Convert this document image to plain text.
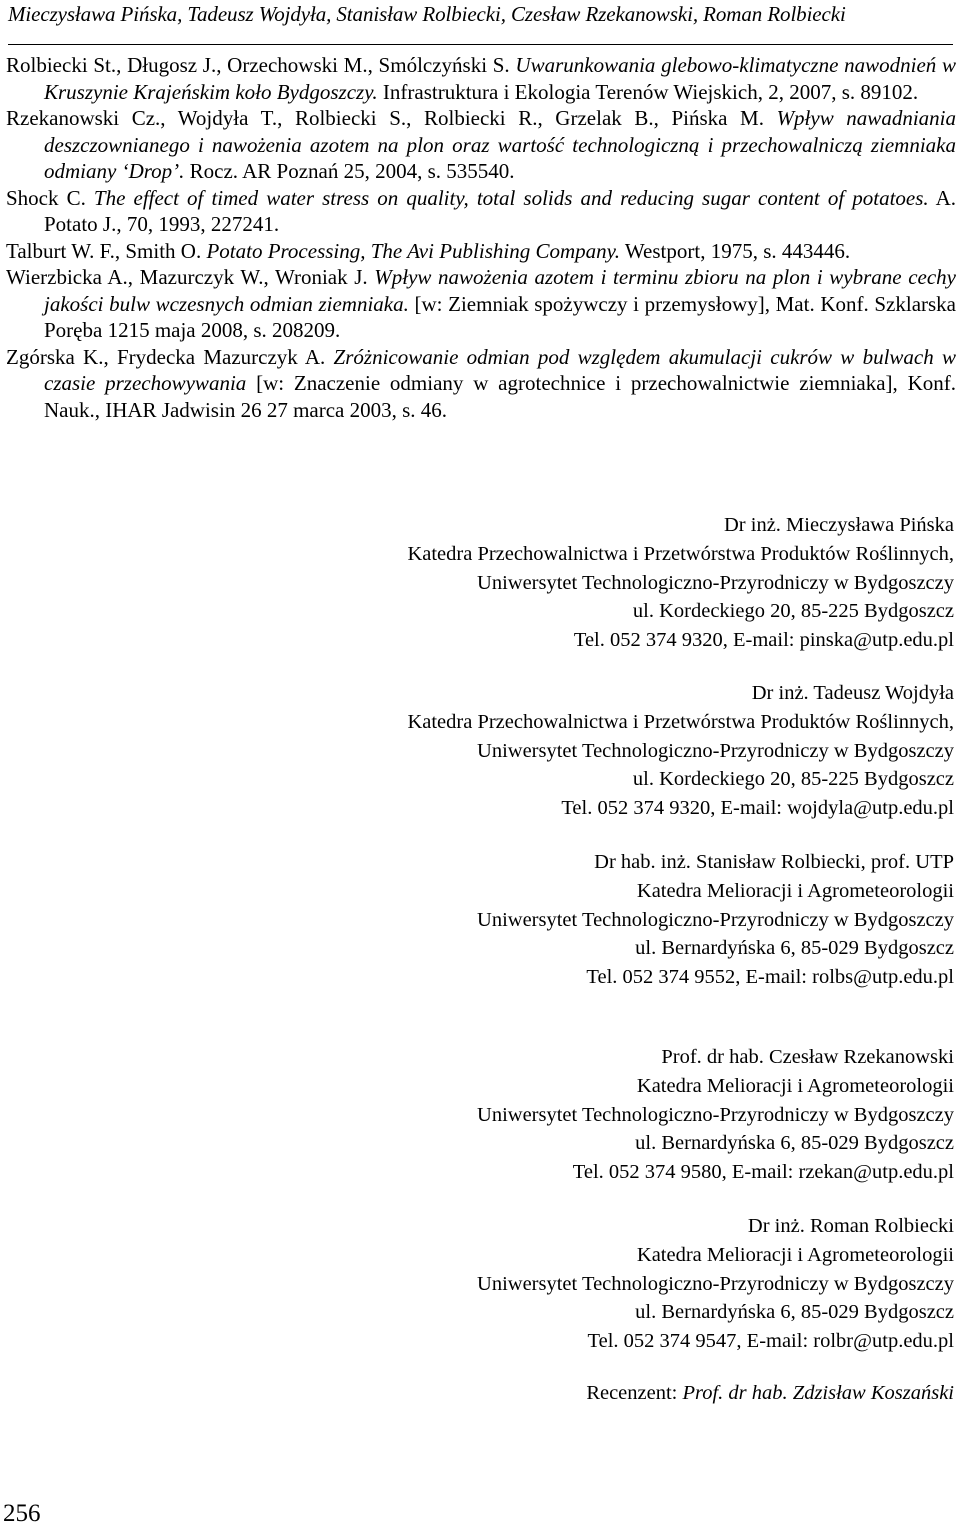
Mieczysława Pińska, Tadeusz Wojdyła, Stanisław Rolbiecki, Czesław Rzekanowski, Roman Rolbiecki

Rolbiecki St., Długosz J., Orzechowski M., Smólczyński S. Uwarunkowania glebowo-klimatyczne nawodnień w Kruszynie Krajeńskim koło Bydgoszczy. Infrastruktura i Ekologia Terenów Wiejskich, 2, 2007, s. 89102.

Rzekanowski Cz., Wojdyła T., Rolbiecki S., Rolbiecki R., Grzelak B., Pińska M. Wpływ nawadniania deszczownianego i nawożenia azotem na plon oraz wartość technologiczną i przechowalniczą ziemniaka odmiany ‘Drop’. Rocz. AR Poznań 25, 2004, s. 535540.

Shock C. The effect of timed water stress on quality, total solids and reducing sugar content of potatoes. A. Potato J., 70, 1993, 227241.

Talburt W. F., Smith O. Potato Processing, The Avi Publishing Company. Westport, 1975, s. 443446.

Wierzbicka A., Mazurczyk W., Wroniak J. Wpływ nawożenia azotem i terminu zbioru na plon i wybrane cechy jakości bulw wczesnych odmian ziemniaka. [w: Ziemniak spożywczy i przemysłowy], Mat. Konf. Szklarska Poręba 1215 maja 2008, s. 208209.

Zgórska K., Frydecka Mazurczyk A. Zróżnicowanie odmian pod względem akumulacji cukrów w bulwach w czasie przechowywania [w: Znaczenie odmiany w agrotechnice i przechowalnictwie ziemniaka], Konf. Nauk., IHAR Jadwisin 26 27 marca 2003, s. 46.

Dr inż. Mieczysława Pińska
Katedra Przechowalnictwa i Przetwórstwa Produktów Roślinnych,
Uniwersytet Technologiczno-Przyrodniczy w Bydgoszczy
ul. Kordeckiego 20, 85-225 Bydgoszcz
Tel. 052 374 9320, E-mail: pinska@utp.edu.pl
Dr inż. Tadeusz Wojdyła
Katedra Przechowalnictwa i Przetwórstwa Produktów Roślinnych,
Uniwersytet Technologiczno-Przyrodniczy w Bydgoszczy
ul. Kordeckiego 20, 85-225 Bydgoszcz
Tel. 052 374 9320, E-mail: wojdyla@utp.edu.pl
Dr hab. inż. Stanisław Rolbiecki, prof. UTP
Katedra Melioracji i Agrometeorologii
Uniwersytet Technologiczno-Przyrodniczy w Bydgoszczy
ul. Bernardyńska 6, 85-029 Bydgoszcz
Tel. 052 374 9552, E-mail: rolbs@utp.edu.pl
Prof. dr hab. Czesław Rzekanowski
Katedra Melioracji i Agrometeorologii
Uniwersytet Technologiczno-Przyrodniczy w Bydgoszczy
ul. Bernardyńska 6, 85-029 Bydgoszcz
Tel. 052 374 9580, E-mail: rzekan@utp.edu.pl
Dr inż. Roman Rolbiecki
Katedra Melioracji i Agrometeorologii
Uniwersytet Technologiczno-Przyrodniczy w Bydgoszczy
ul. Bernardyńska 6, 85-029 Bydgoszcz
Tel. 052 374 9547, E-mail: rolbr@utp.edu.pl
Recenzent: Prof. dr hab. Zdzisław Koszański
256
